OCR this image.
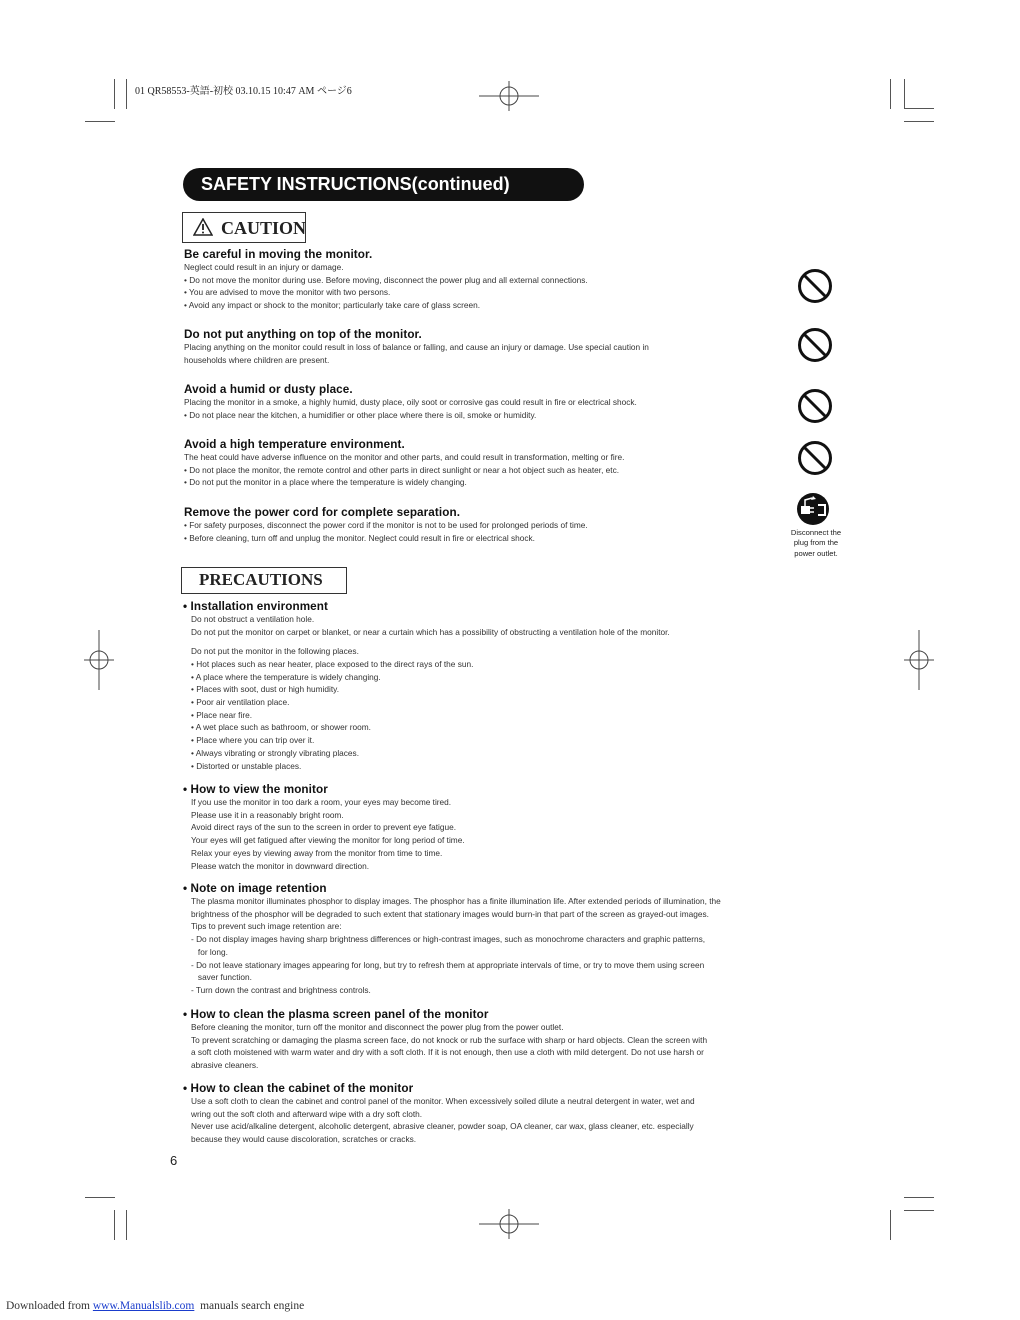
01 QR58553-英語-初校 03.10.15 10:47 AM ページ6
SAFETY INSTRUCTIONS(continued)
CAUTION
Be careful in moving the monitor.
Neglect could result in an injury or damage.
• Do not move the monitor during use. Before moving, disconnect the power plug and all external connections.
• You are advised to move the monitor with two persons.
• Avoid any impact or shock to the monitor; particularly take care of glass screen.
Do not put anything on top of the monitor.
Placing anything on the monitor could result in loss of balance or falling, and cause an injury or damage. Use special caution in
households where children are present.
Avoid a humid or dusty place.
Placing the monitor in a smoke, a highly humid, dusty place, oily soot or corrosive gas could result in fire or electrical shock.
• Do not place near the kitchen, a humidifier or other place where there is oil, smoke or humidity.
Avoid a high temperature environment.
The heat could have adverse influence on the monitor and other parts, and could result in transformation, melting or fire.
• Do not place the monitor, the remote control and other parts in direct sunlight or near a hot object such as heater, etc.
• Do not put the monitor in a place where the temperature is widely changing.
Remove the power cord for complete separation.
• For safety purposes, disconnect the power cord if the monitor is not to be used for prolonged periods of time.
• Before cleaning, turn off and unplug the monitor. Neglect could result in fire or electrical shock.
Disconnect the
plug from the
power outlet.
PRECAUTIONS
• Installation environment
Do not obstruct a ventilation hole.
Do not put the monitor on carpet or blanket, or near a curtain which has a possibility of obstructing a ventilation hole of the monitor.
Do not put the monitor in the following places.
• Hot places such as near heater, place exposed to the direct rays of the sun.
• A place where the temperature is widely changing.
• Places with soot, dust or high humidity.
• Poor air ventilation place.
• Place near fire.
• A wet place such as bathroom, or shower room.
• Place where you can trip over it.
• Always vibrating or strongly vibrating places.
• Distorted or unstable places.
• How to view the monitor
If you use the monitor in too dark a room, your eyes may become tired.
Please use it in a reasonably bright room.
Avoid direct rays of the sun to the screen in order to prevent eye fatigue.
Your eyes will get fatigued after viewing the monitor for long period of time.
Relax your eyes by viewing away from the monitor from time to time.
Please watch the monitor in downward direction.
• Note on image retention
The plasma monitor illuminates phosphor to display images. The phosphor has a finite illumination life. After extended periods of illumination, the
brightness of the phosphor will be degraded to such extent that stationary images would burn-in that part of the screen as grayed-out images.
Tips to prevent such image retention are:
- Do not display images having sharp brightness differences or high-contrast images, such as monochrome characters and graphic patterns,
for long.
- Do not leave stationary images appearing for long, but try to refresh them at appropriate intervals of time, or try to move them using screen
saver function.
- Turn down the contrast and brightness controls.
• How to clean the plasma screen panel of the monitor
Before cleaning the monitor, turn off the monitor and disconnect the power plug from the power outlet.
To prevent scratching or damaging the plasma screen face, do not knock or rub the surface with sharp or hard objects. Clean the screen with
a soft cloth moistened with warm water and dry with a soft cloth. If it is not enough, then use a cloth with mild detergent. Do not use harsh or
abrasive cleaners.
• How to clean the cabinet of the monitor
Use a soft cloth to clean the cabinet and control panel of the monitor. When excessively soiled dilute a neutral detergent in water, wet and
wring out the soft cloth and afterward wipe with a dry soft cloth.
Never use acid/alkaline detergent, alcoholic detergent, abrasive cleaner, powder soap, OA cleaner, car wax, glass cleaner, etc. especially
because they would cause discoloration, scratches or cracks.
6
Downloaded from www.Manualslib.com  manuals search engine
